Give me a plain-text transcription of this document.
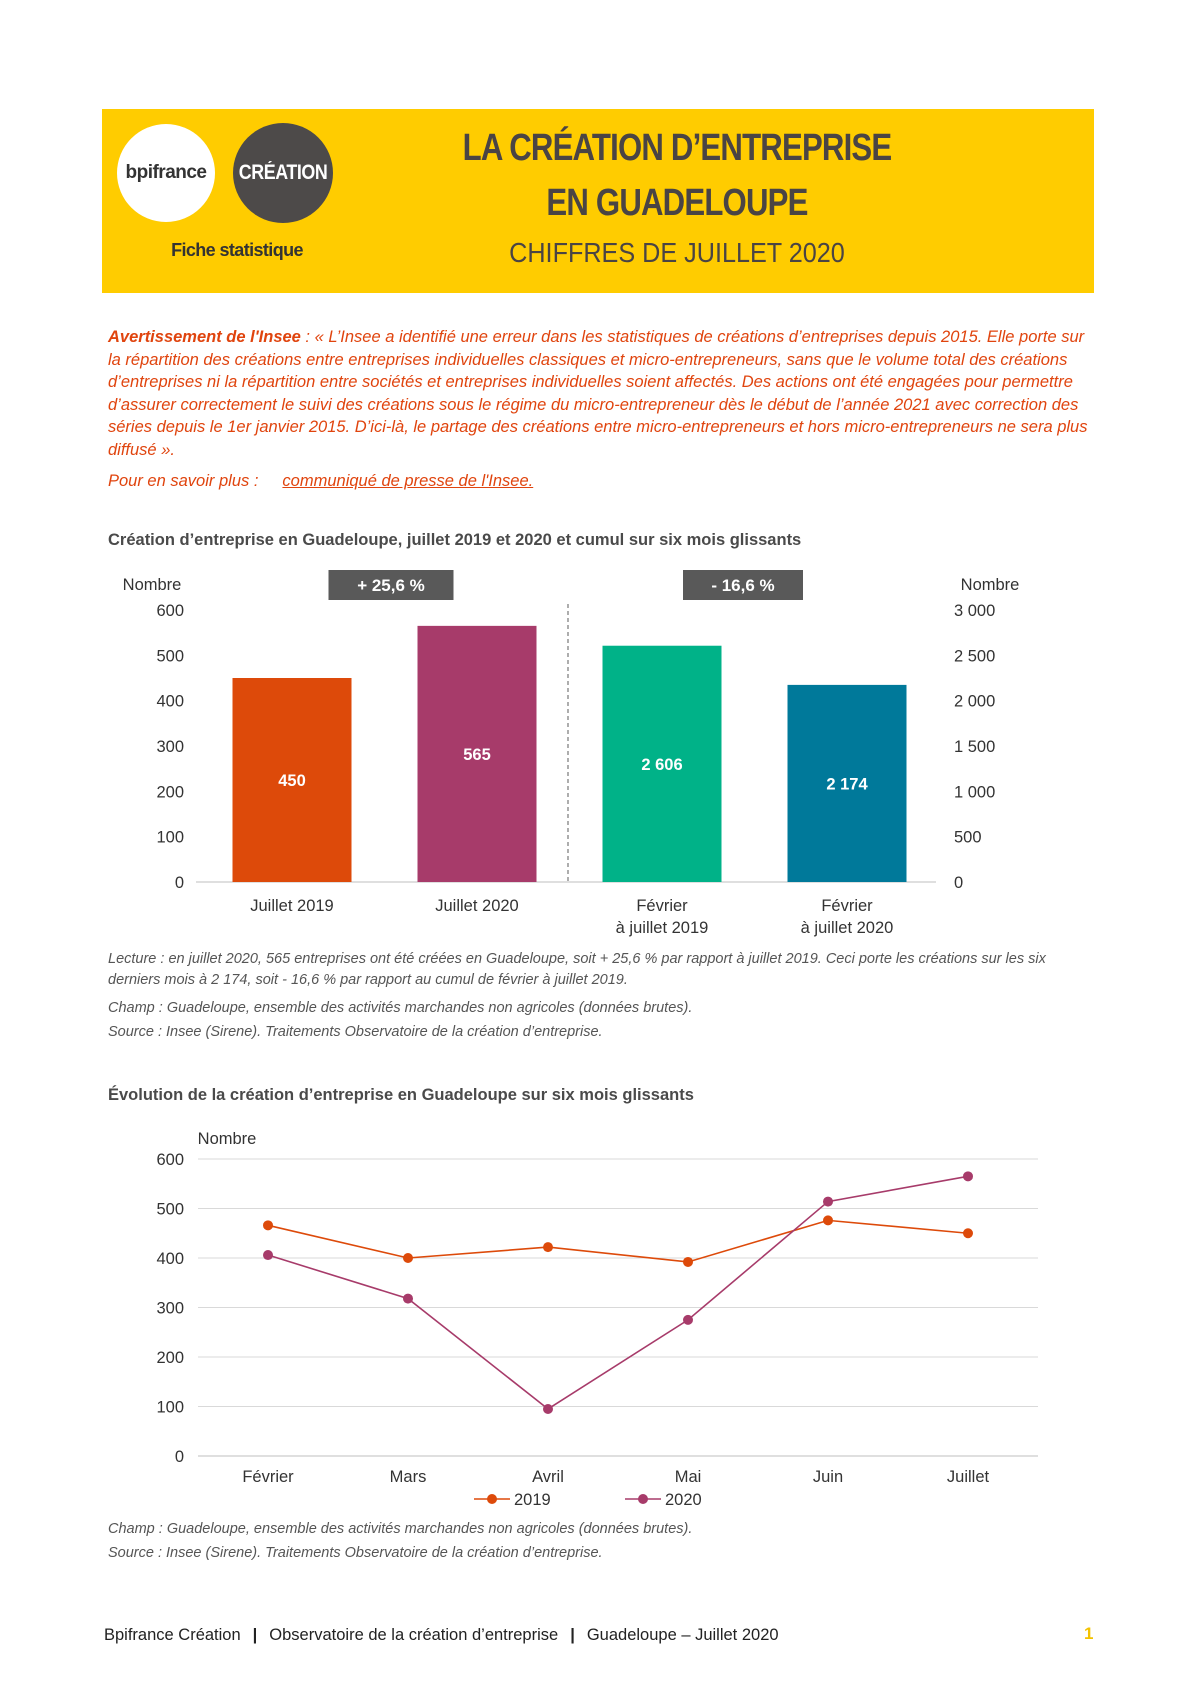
bpifrance CRÉATION
Fiche statistique
LA CRÉATION D’ENTREPRISE
EN GUADELOUPE
CHIFFRES DE JUILLET 2020
Avertissement de l'Insee : « L’Insee a identifié une erreur dans les statistiques de créations d’entreprises depuis 2015. Elle porte sur la répartition des créations entre entreprises individuelles classiques et micro-entrepreneurs, sans que le volume total des créations d’entreprises ni la répartition entre sociétés et entreprises individuelles soient affectés. Des actions ont été engagées pour permettre d’assurer correctement le suivi des créations sous le régime du micro-entrepreneur dès le début de l’année 2021 avec correction des séries depuis le 1er janvier 2015. D’ici-là, le partage des créations entre micro-entrepreneurs et hors micro-entrepreneurs ne sera plus diffusé ».
Pour en savoir plus : communiqué de presse de l'Insee.
Création d’entreprise en Guadeloupe, juillet 2019 et 2020 et cumul sur six mois glissants
Nombre	Nombre
0
100
200
300
400
500
600
0
500
1 000
1 500
2 000
2 500
3 000
450
Juillet 2019
565
Juillet 2020
2 606
Février
à juillet 2019
2 174
Février
à juillet 2020
+ 25,6 %	- 16,6 %
Lecture : en juillet 2020, 565 entreprises ont été créées en Guadeloupe, soit + 25,6 % par rapport à juillet 2019. Ceci porte les créations sur les six derniers mois à 2 174, soit - 16,6 % par rapport au cumul de février à juillet 2019.
Champ : Guadeloupe, ensemble des activités marchandes non agricoles (données brutes).
Source : Insee (Sirene). Traitements Observatoire de la création d’entreprise.
Évolution de la création d’entreprise en Guadeloupe sur six mois glissants
Nombre
0
100
200
300
400
500
600
Février	Mars	Avril	Mai	Juin	Juillet
2019	2020
Champ : Guadeloupe, ensemble des activités marchandes non agricoles (données brutes).
Source : Insee (Sirene). Traitements Observatoire de la création d’entreprise.
Bpifrance Création | Observatoire de la création d’entreprise | Guadeloupe – Juillet 2020	1
